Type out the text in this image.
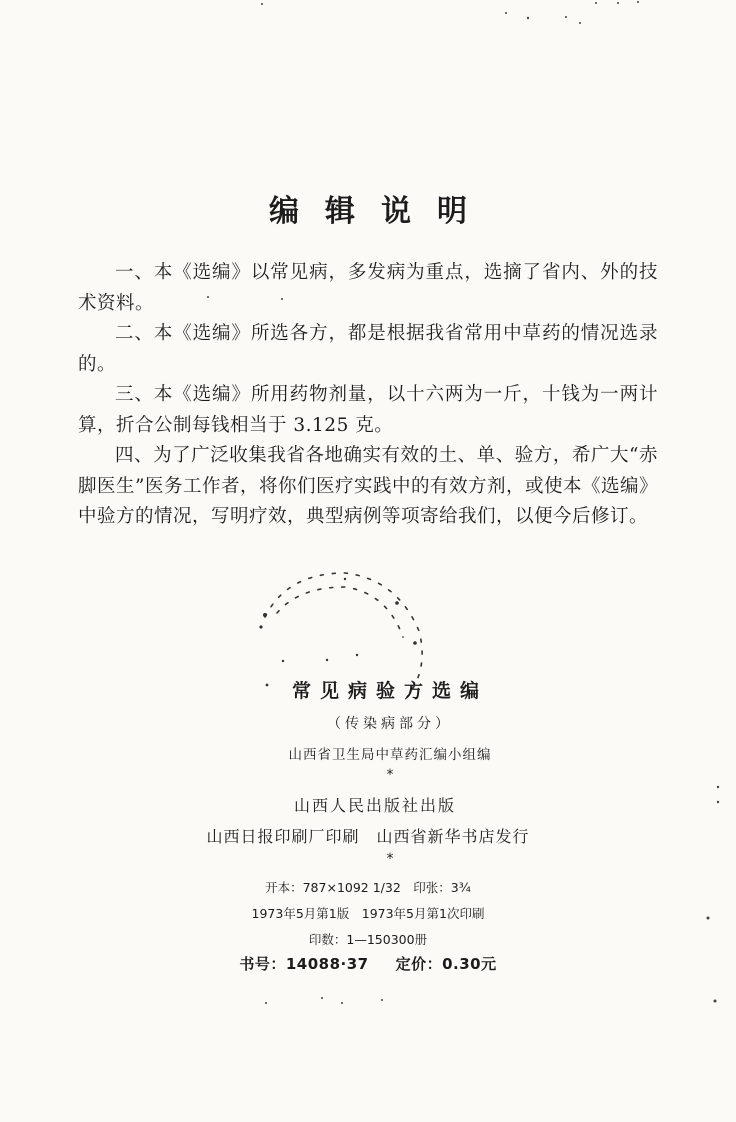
编辑说明

一、本《选编》以常见病，多发病为重点，选摘了省内、外的技术资料。

二、本《选编》所选各方，都是根据我省常用中草药的情况选录的。

三、本《选编》所用药物剂量，以十六两为一斤，十钱为一两计算，折合公制每钱相当于 3.125 克。

四、为了广泛收集我省各地确实有效的土、单、验方，希广大“赤脚医生”医务工作者，将你们医疗实践中的有效方剂，或使本《选编》中验方的情况，写明疗效，典型病例等项寄给我们，以便今后修订。

常见病验方选编
（传染病部分）
山西省卫生局中草药汇编小组编
*
山西人民出版社出版
山西日报印刷厂印刷　山西省新华书店发行
*
开本：787×1092 1/32　印张：3¾
1973年5月第1版　1973年5月第1次印刷
印数：1—150300册
书号：14088·37 　 定价：0.30元
